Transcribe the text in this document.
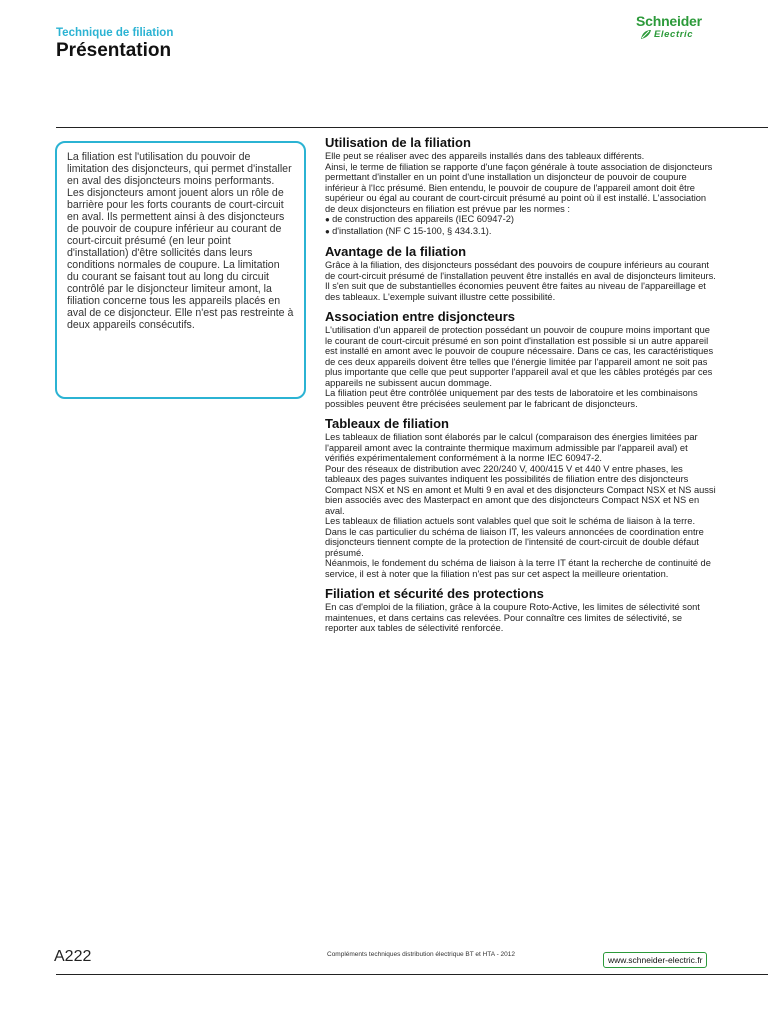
Technique de filiation
Présentation
Schneider
Electric

La filiation est l'utilisation du pouvoir de limitation des disjoncteurs, qui permet d'installer en aval des disjoncteurs moins performants.
Les disjoncteurs amont jouent alors un rôle de barrière pour les forts courants de court-circuit en aval. Ils permettent ainsi à des disjoncteurs de pouvoir de coupure inférieur au courant de
court-circuit présumé (en leur point d'installation) d'être sollicités dans leurs conditions normales de coupure. La limitation du courant se faisant tout au long du circuit contrôlé par le disjoncteur limiteur amont, la filiation concerne tous les appareils placés en aval de ce disjoncteur. Elle n'est pas restreinte à deux appareils consécutifs.

Utilisation de la filiation

Elle peut se réaliser avec des appareils installés dans des tableaux différents.
Ainsi, le terme de filiation se rapporte d'une façon générale à toute association de disjoncteurs permettant d'installer en un point d'une installation un disjoncteur de pouvoir de coupure inférieur à l'Icc présumé. Bien entendu, le pouvoir de coupure de l'appareil amont doit être supérieur ou égal au courant de court-circuit présumé au point où il est installé. L'association de deux disjoncteurs en filiation est prévue par les normes :

● de construction des appareils (IEC 60947-2)
● d'installation (NF C 15-100, § 434.3.1).
Avantage de la filiation

Grâce à la filiation, des disjoncteurs possédant des pouvoirs de coupure inférieurs au courant de court-circuit présumé de l'installation peuvent être installés en aval de disjoncteurs limiteurs. Il s'en suit que de substantielles économies peuvent être faites au niveau de l'appareillage et des tableaux. L'exemple suivant illustre cette possibilité.

Association entre disjoncteurs

L'utilisation d'un appareil de protection possédant un pouvoir de coupure moins important que le courant de court-circuit présumé en son point d'installation est possible si un autre appareil est installé en amont avec le pouvoir de coupure nécessaire. Dans ce cas, les caractéristiques de ces deux appareils doivent être telles que l'énergie limitée par l'appareil amont ne soit pas plus importante que celle que peut supporter l'appareil aval et que les câbles protégés par ces appareils ne subissent aucun dommage.
La filiation peut être contrôlée uniquement par des tests de laboratoire et les combinaisons possibles peuvent être précisées seulement par le fabricant de disjoncteurs.

Tableaux de filiation

Les tableaux de filiation sont élaborés par le calcul (comparaison des énergies limitées par l'appareil amont avec la contrainte thermique maximum admissible par l'appareil aval) et vérifiés expérimentalement conformément à la norme IEC 60947-2.
Pour des réseaux de distribution avec 220/240 V, 400/415 V et 440 V entre phases, les tableaux des pages suivantes indiquent les possibilités de filiation entre des disjoncteurs Compact NSX et NS en amont et Multi 9 en aval et des disjoncteurs Compact NSX et NS aussi bien associés avec des Masterpact en amont que des disjoncteurs Compact NSX et NS en aval.
Les tableaux de filiation actuels sont valables quel que soit le schéma de liaison à la terre.
Dans le cas particulier du schéma de liaison IT, les valeurs annoncées de coordination entre disjoncteurs tiennent compte de la protection de l'intensité de court-circuit de double défaut présumé.
Néanmois, le fondement du schéma de liaison à la terre IT étant la recherche de continuité de service, il est à noter que la filiation n'est pas sur cet aspect la meilleure orientation.

Filiation et sécurité des protections

En cas d'emploi de la filiation, grâce à la coupure Roto-Active, les limites de sélectivité sont maintenues, et dans certains cas relevées. Pour connaître ces limites de sélectivité, se reporter aux tables de sélectivité renforcée.

A222	Compléments techniques distribution électrique BT et HTA - 2012
www.schneider-electric.fr
